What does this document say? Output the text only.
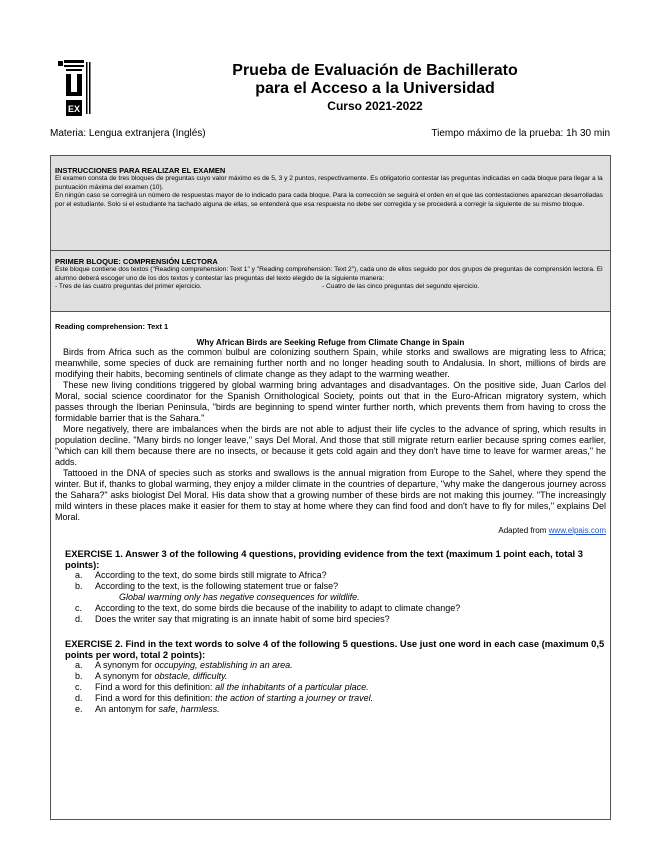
EX
Prueba de Evaluación de Bachillerato
para el Acceso a la Universidad
Curso 2021-2022
Materia: Lengua extranjera (Inglés)	Tiempo máximo de la prueba: 1h 30 min
INSTRUCCIONES PARA REALIZAR EL EXAMEN
El examen consta de tres bloques de preguntas cuyo valor máximo es de 5, 3 y 2 puntos, respectivamente. Es obligatorio contestar las preguntas indicadas en cada bloque para llegar a la puntuación máxima del examen (10).
En ningún caso se corregirá un número de respuestas mayor de lo indicado para cada bloque. Para la corrección se seguirá el orden en el que las contestaciones aparezcan desarrolladas por el estudiante. Solo si el estudiante ha tachado alguna de ellas, se entenderá que esa respuesta no debe ser corregida y se procederá a corregir la siguiente de su mismo bloque.
PRIMER BLOQUE: COMPRENSIÓN LECTORA
Este bloque contiene dos textos ("Reading comprehension: Text 1" y "Reading comprehension: Text 2"), cada uno de ellos seguido por dos grupos de preguntas de comprensión lectora. El alumno deberá escoger uno de los dos textos y contestar las preguntas del texto elegido de la siguiente manera:
- Tres de las cuatro preguntas del primer ejercicio.	- Cuatro de las cinco preguntas del segundo ejercicio.
Reading comprehension: Text 1
Why African Birds are Seeking Refuge from Climate Change in Spain

Birds from Africa such as the common bulbul are colonizing southern Spain, while storks and swallows are migrating less to Africa; meanwhile, some species of duck are remaining further north and no longer heading south to Andalusia. In short, millions of birds are modifying their habits, becoming sentinels of climate change as they adapt to the warming weather.

These new living conditions triggered by global warming bring advantages and disadvantages. On the positive side, Juan Carlos del Moral, social science coordinator for the Spanish Ornithological Society, points out that in the Euro-African migratory system, which passes through the Iberian Peninsula, "birds are beginning to spend winter further north, which prevents them from having to cross the formidable barrier that is the Sahara."

More negatively, there are imbalances when the birds are not able to adjust their life cycles to the advance of spring, which results in population decline. "Many birds no longer leave," says Del Moral. And those that still migrate return earlier because spring comes earlier, "which can kill them because there are no insects, or because it gets cold again and they don't have time to leave for warmer areas," he adds.

Tattooed in the DNA of species such as storks and swallows is the annual migration from Europe to the Sahel, where they spend the winter. But if, thanks to global warming, they enjoy a milder climate in the countries of departure, "why make the dangerous journey across the Sahara?" asks biologist Del Moral. His data show that a growing number of these birds are not making this journey. "The increasingly mild winters in these places make it easier for them to stay at home where they can find food and don't have to fly for miles," explains Del Moral.

Adapted from www.elpais.com
EXERCISE 1. Answer 3 of the following 4 questions, providing evidence from the text (maximum 1 point each, total 3 points):
a.	According to the text, do some birds still migrate to Africa?
b.	According to the text, is the following statement true or false?
Global warming only has negative consequences for wildlife.
c.	According to the text, do some birds die because of the inability to adapt to climate change?
d.	Does the writer say that migrating is an innate habit of some bird species?
EXERCISE 2. Find in the text words to solve 4 of the following 5 questions. Use just one word in each case (maximum 0,5 points per word, total 2 points):
a.	A synonym for occupying, establishing in an area.
b.	A synonym for obstacle, difficulty.
c.	Find a word for this definition: all the inhabitants of a particular place.
d.	Find a word for this definition: the action of starting a journey or travel.
e.	An antonym for safe, harmless.
